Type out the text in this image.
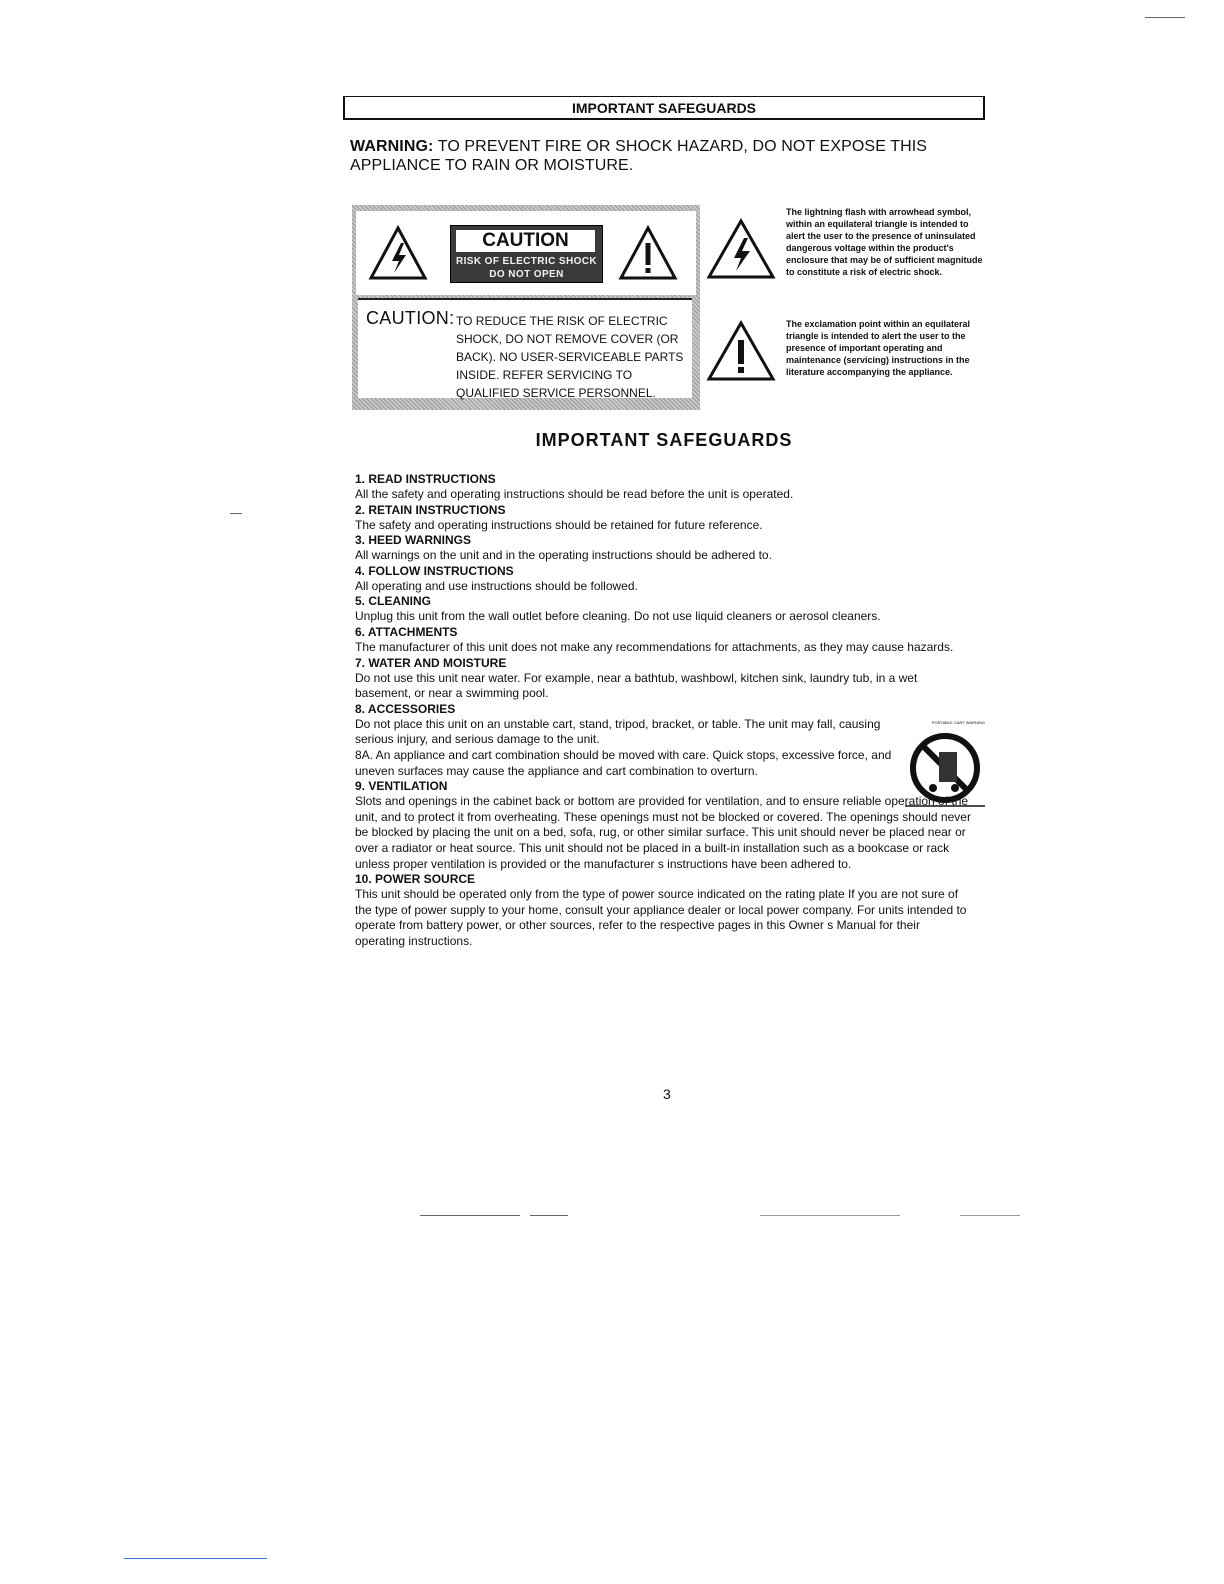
IMPORTANT SAFEGUARDS
WARNING: TO PREVENT FIRE OR SHOCK HAZARD, DO NOT EXPOSE THIS APPLIANCE TO RAIN OR MOISTURE.
CAUTION
RISK OF ELECTRIC SHOCK
DO NOT OPEN
CAUTION: TO REDUCE THE RISK OF ELECTRIC SHOCK, DO NOT REMOVE COVER (OR BACK). NO USER-SERVICEABLE PARTS INSIDE. REFER SERVICING TO QUALIFIED SERVICE PERSONNEL.
The lightning flash with arrowhead symbol, within an equilateral triangle is intended to alert the user to the presence of uninsulated dangerous voltage within the product's enclosure that may be of sufficient magnitude to constitute a risk of electric shock.
The exclamation point within an equilateral triangle is intended to alert the user to the presence of important operating and maintenance (servicing) instructions in the literature accompanying the appliance.
IMPORTANT SAFEGUARDS
1. READ INSTRUCTIONS
All the safety and operating instructions should be read before the unit is operated.
2. RETAIN INSTRUCTIONS
The safety and operating instructions should be retained for future reference.
3. HEED WARNINGS
All warnings on the unit and in the operating instructions should be adhered to.
4. FOLLOW INSTRUCTIONS
All operating and use instructions should be followed.
5. CLEANING
Unplug this unit from the wall outlet before cleaning. Do not use liquid cleaners or aerosol cleaners.
6. ATTACHMENTS
The manufacturer of this unit does not make any recommendations for attachments, as they may cause hazards.
7. WATER AND MOISTURE
Do not use this unit near water. For example, near a bathtub, washbowl, kitchen sink, laundry tub, in a wet basement, or near a swimming pool.
8. ACCESSORIES
Do not place this unit on an unstable cart, stand, tripod, bracket, or table. The unit may fall, causing serious injury, and serious damage to the unit.
8A. An appliance and cart combination should be moved with care. Quick stops, excessive force, and uneven surfaces may cause the appliance and cart combination to overturn.
9. VENTILATION
Slots and openings in the cabinet back or bottom are provided for ventilation, and to ensure reliable operation of the unit, and to protect it from overheating. These openings must not be blocked or covered. The openings should never be blocked by placing the unit on a bed, sofa, rug, or other similar surface. This unit should never be placed near or over a radiator or heat source. This unit should not be placed in a built-in installation such as a bookcase or rack unless proper ventilation is provided or the manufacturer s instructions have been adhered to.
10. POWER SOURCE
This unit should be operated only from the type of power source indicated on the rating plate If you are not sure of the type of power supply to your home, consult your appliance dealer or local power company. For units intended to operate from battery power, or other sources, refer to the respective pages in this Owner s Manual for their operating instructions.
PORTABLE CART WARNING
3
